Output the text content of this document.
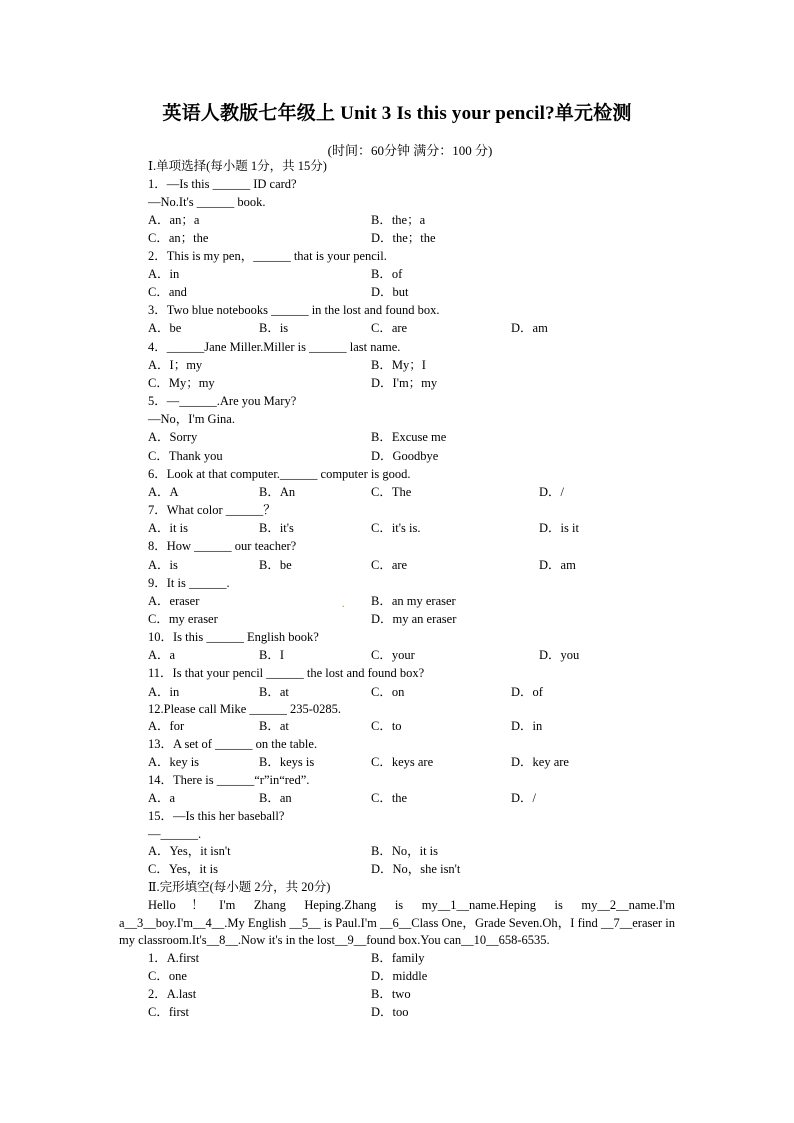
英语人教版七年级上 Unit 3 Is this your pencil?单元检测
(时间：60分钟 满分：100 分)
Ⅰ.单项选择(每小题 1分，共 15分)
1．—Is this ______ ID card?
—No.It's ______ book.
A．an；a	B．the；a
C．an；the	D．the；the
2．This is my pen，______ that is your pencil.
A．in	B．of
C．and	D．but
3．Two blue notebooks ______ in the lost and found box.
A．be	B．is	C．are	D．am
4．______Jane Miller.Miller is ______ last name.
A．I；my	B．My；I
C．My；my	D．I'm；my
5．—______.Are you Mary?
—No，I'm Gina.
A．Sorry	B．Excuse me
C．Thank you	D．Goodbye
6．Look at that computer.______ computer is good.
A．A	B．An	C．The	D．/
7．What color ______？
A．it is	B．it's	C．it's is.	D．is it
8．How ______ our teacher?
A．is	B．be	C．are	D．am
9．It is ______.
A．eraser	. B．an my eraser
C．my eraser	D．my an eraser
10．Is this ______ English book?
A．a	B．I	C．your	D．you
11．Is that your pencil ______ the lost and found box?
A．in	B．at	C．on	D．of
12.Please call Mike ______ 235-0285.
A．for	B．at	C．to	D．in
13．A set of ______ on the table.
A．key is	B．keys is	C．keys are	D．key are
14．There is ______“r”in“red”.
A．a	B．an	C．the	D．/
15．—Is this her baseball?
—______.
A．Yes，it isn't	B．No，it is
C．Yes，it is	D．No，she isn't
Ⅱ.完形填空(每小题 2分，共 20分)
Hello！I'm Zhang Heping.Zhang is my__1__name.Heping is my__2__name.I'm a__3__boy.I'm__4__.My English __5__ is Paul.I'm __6__Class One，Grade Seven.Oh，I find __7__eraser in my classroom.It's__8__.Now it's in the lost__9__found box.You can__10__658-6535.
1．A.first	B．family
C．one	D．middle
2．A.last	B．two
C．first	D．too
